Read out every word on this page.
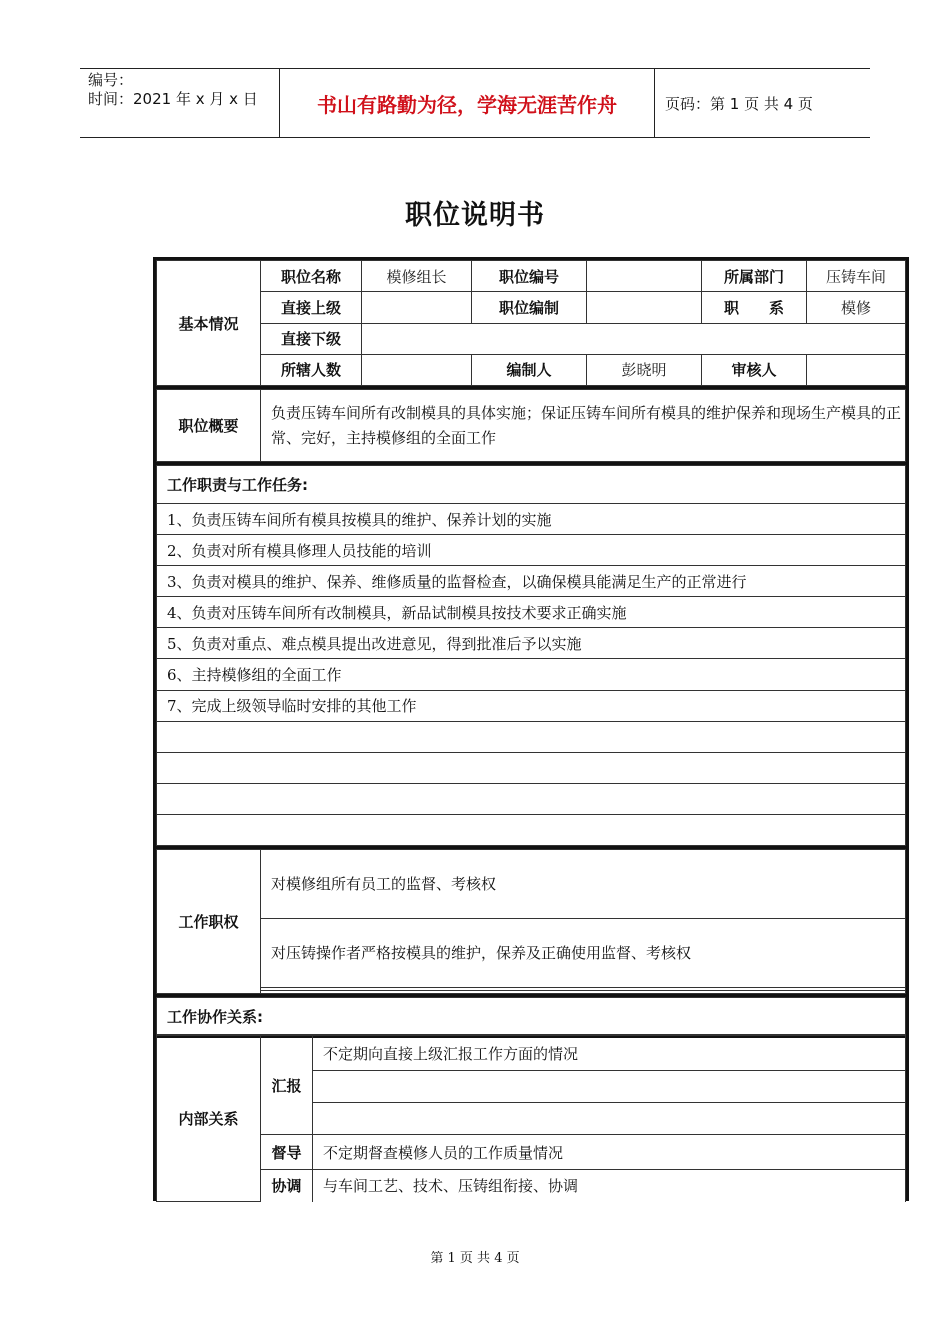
编号：
时间：2021 年 x 月 x 日	书山有路勤为径，学海无涯苦作舟	页码：第 1 页 共 4 页
职位说明书
基本情况	职位名称	模修组长	职位编号		所属部门	压铸车间
	直接上级		职位编制		职　　系	模修
	直接下级					
	所辖人数		编制人	彭晓明	审核人	
职位概要	负责压铸车间所有改制模具的具体实施；保证压铸车间所有模具的维护保养和现场生产模具的正常、完好，主持模修组的全面工作
工作职责与工作任务:
1、负责压铸车间所有模具按模具的维护、保养计划的实施
2、负责对所有模具修理人员技能的培训
3、负责对模具的维护、保养、维修质量的监督检查，以确保模具能满足生产的正常进行
4、负责对压铸车间所有改制模具，新品试制模具按技术要求正确实施
5、负责对重点、难点模具提出改进意见，得到批准后予以实施
6、主持模修组的全面工作
7、完成上级领导临时安排的其他工作

工作职权	对模修组所有员工的监督、考核权
对压铸操作者严格按模具的维护，保养及正确使用监督、考核权

工作协作关系:
内部关系	汇报	不定期向直接上级汇报工作方面的情况

	督导	不定期督查模修人员的工作质量情况
	协调	与车间工艺、技术、压铸组衔接、协调
第 1 页 共 4 页
